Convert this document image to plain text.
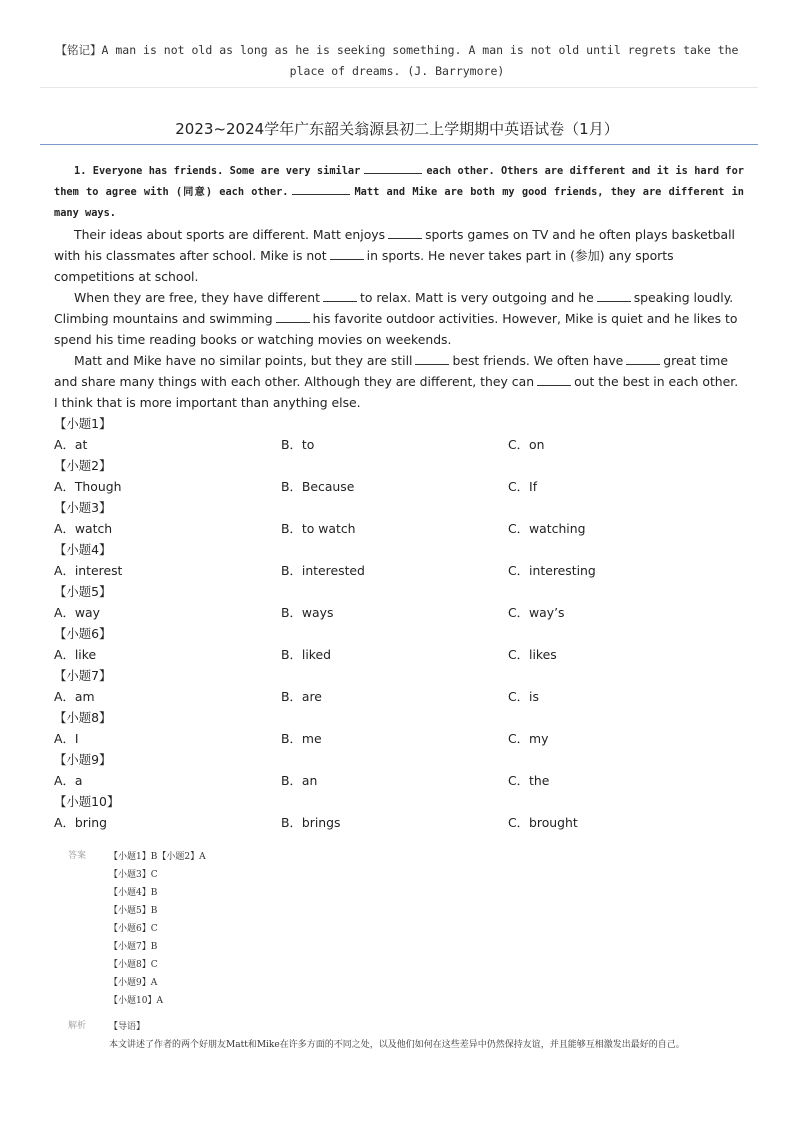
【铭记】A man is not old as long as he is seeking something. A man is not old until regrets take the
place of dreams. (J. Barrymore)
2023~2024学年广东韶关翁源县初二上学期期中英语试卷（1月）

1. Everyone has friends. Some are very similar	each other. Others are different and it is hard for them to agree with (同意) each other.	Matt and Mike are both my good friends, they are different in many ways.

Their ideas about sports are different. Matt enjoys	sports games on TV and he often plays basketball with his classmates after school. Mike is not	in sports. He never takes part in (参加) any sports competitions at school.

When they are free, they have different	to relax. Matt is very outgoing and he	speaking loudly. Climbing mountains and swimming	his favorite outdoor activities. However, Mike is quiet and he likes to spend his time reading books or watching movies on weekends.

Matt and Mike have no similar points, but they are still	best friends. We often have	great time and share many things with each other. Although they are different, they can	out the best in each other. I think that is more important than anything else.

【小题1】
A．at	B．to	C．on
【小题2】
A．Though	B．Because	C．If
【小题3】
A．watch	B．to watch	C．watching
【小题4】
A．interest	B．interested	C．interesting
【小题5】
A．way	B．ways	C．way’s
【小题6】
A．like	B．liked	C．likes
【小题7】
A．am	B．are	C．is
【小题8】
A．I	B．me	C．my
【小题9】
A．a	B．an	C．the
【小题10】
A．bring	B．brings	C．brought
答案	【小题1】B【小题2】A
【小题3】C
【小题4】B
【小题5】B
【小题6】C
【小题7】B
【小题8】C
【小题9】A
【小题10】A
解析	【导语】
本文讲述了作者的两个好朋友Matt和Mike在许多方面的不同之处，以及他们如何在这些差异中仍然保持友谊，并且能够互相激发出最好的自己。
